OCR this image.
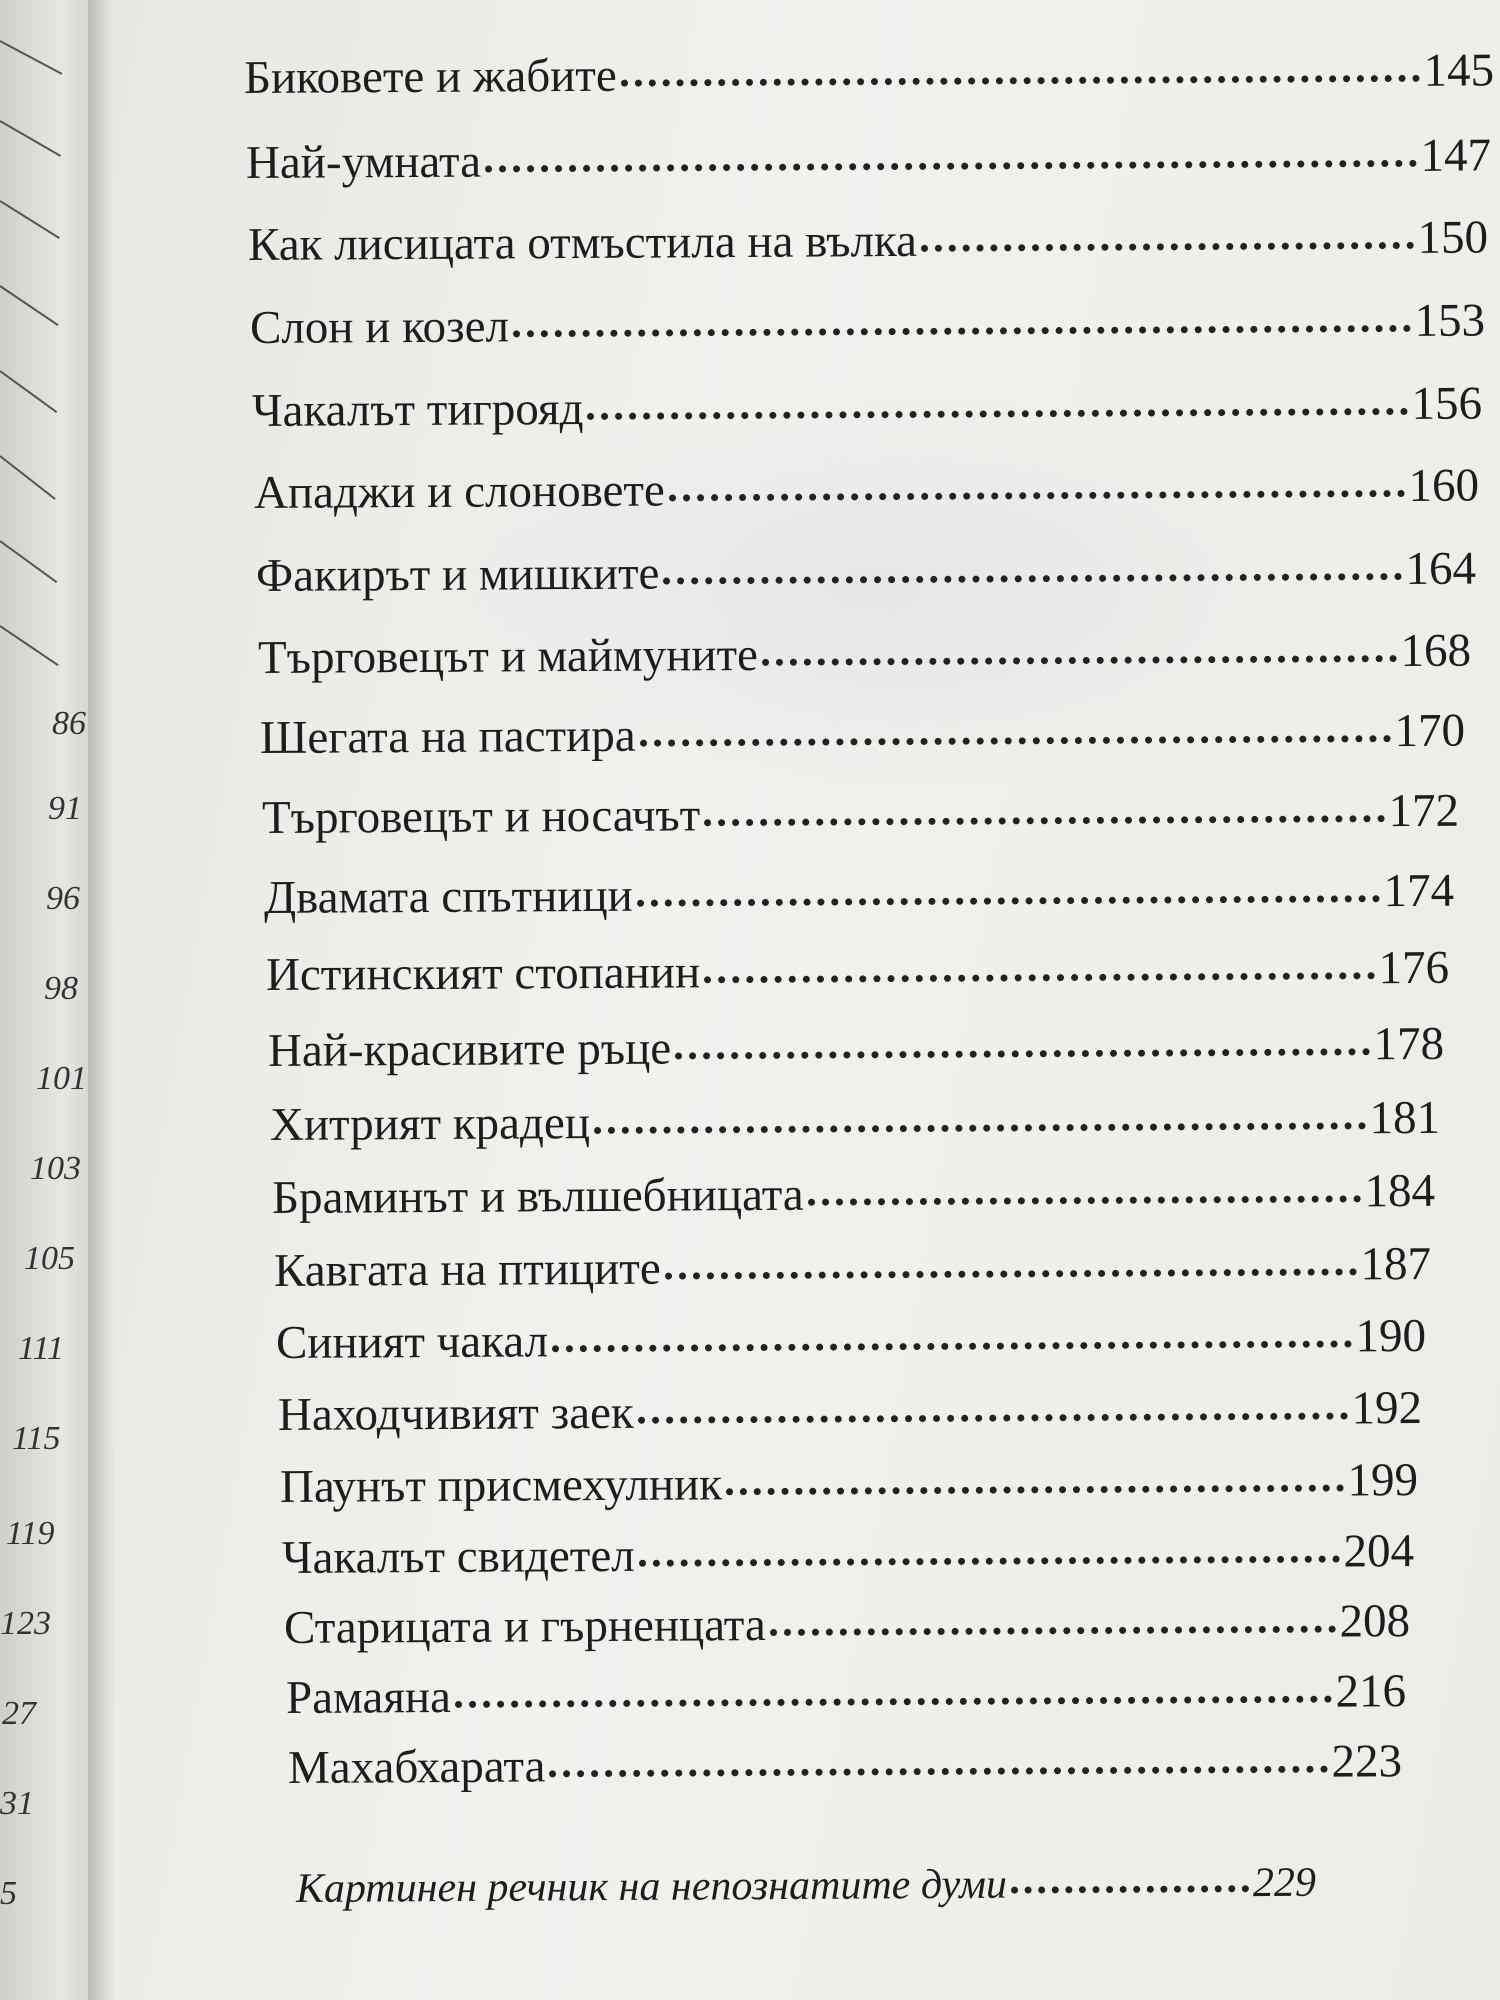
86
91
96
98
101
103
105
111
115
119
123
27
31
5
Биковете и жабите	145
Най-умната	147
Как лисицата отмъстила на вълка	150
Слон и козел	153
Чакалът тигрояд	156
Ападжи и слоновете	160
Факирът и мишките	164
Търговецът и маймуните	168
Шегата на пастира	170
Търговецът и носачът	172
Двамата спътници	174
Истинският стопанин	176
Най-красивите ръце	178
Хитрият крадец	181
Браминът и вълшебницата	184
Кавгата на птиците	187
Синият чакал	190
Находчивият заек	192
Паунът присмехулник	199
Чакалът свидетел	204
Старицата и гърненцата	208
Рамаяна	216
Махабхарата	223
Картинен речник на непознатите думи	229
